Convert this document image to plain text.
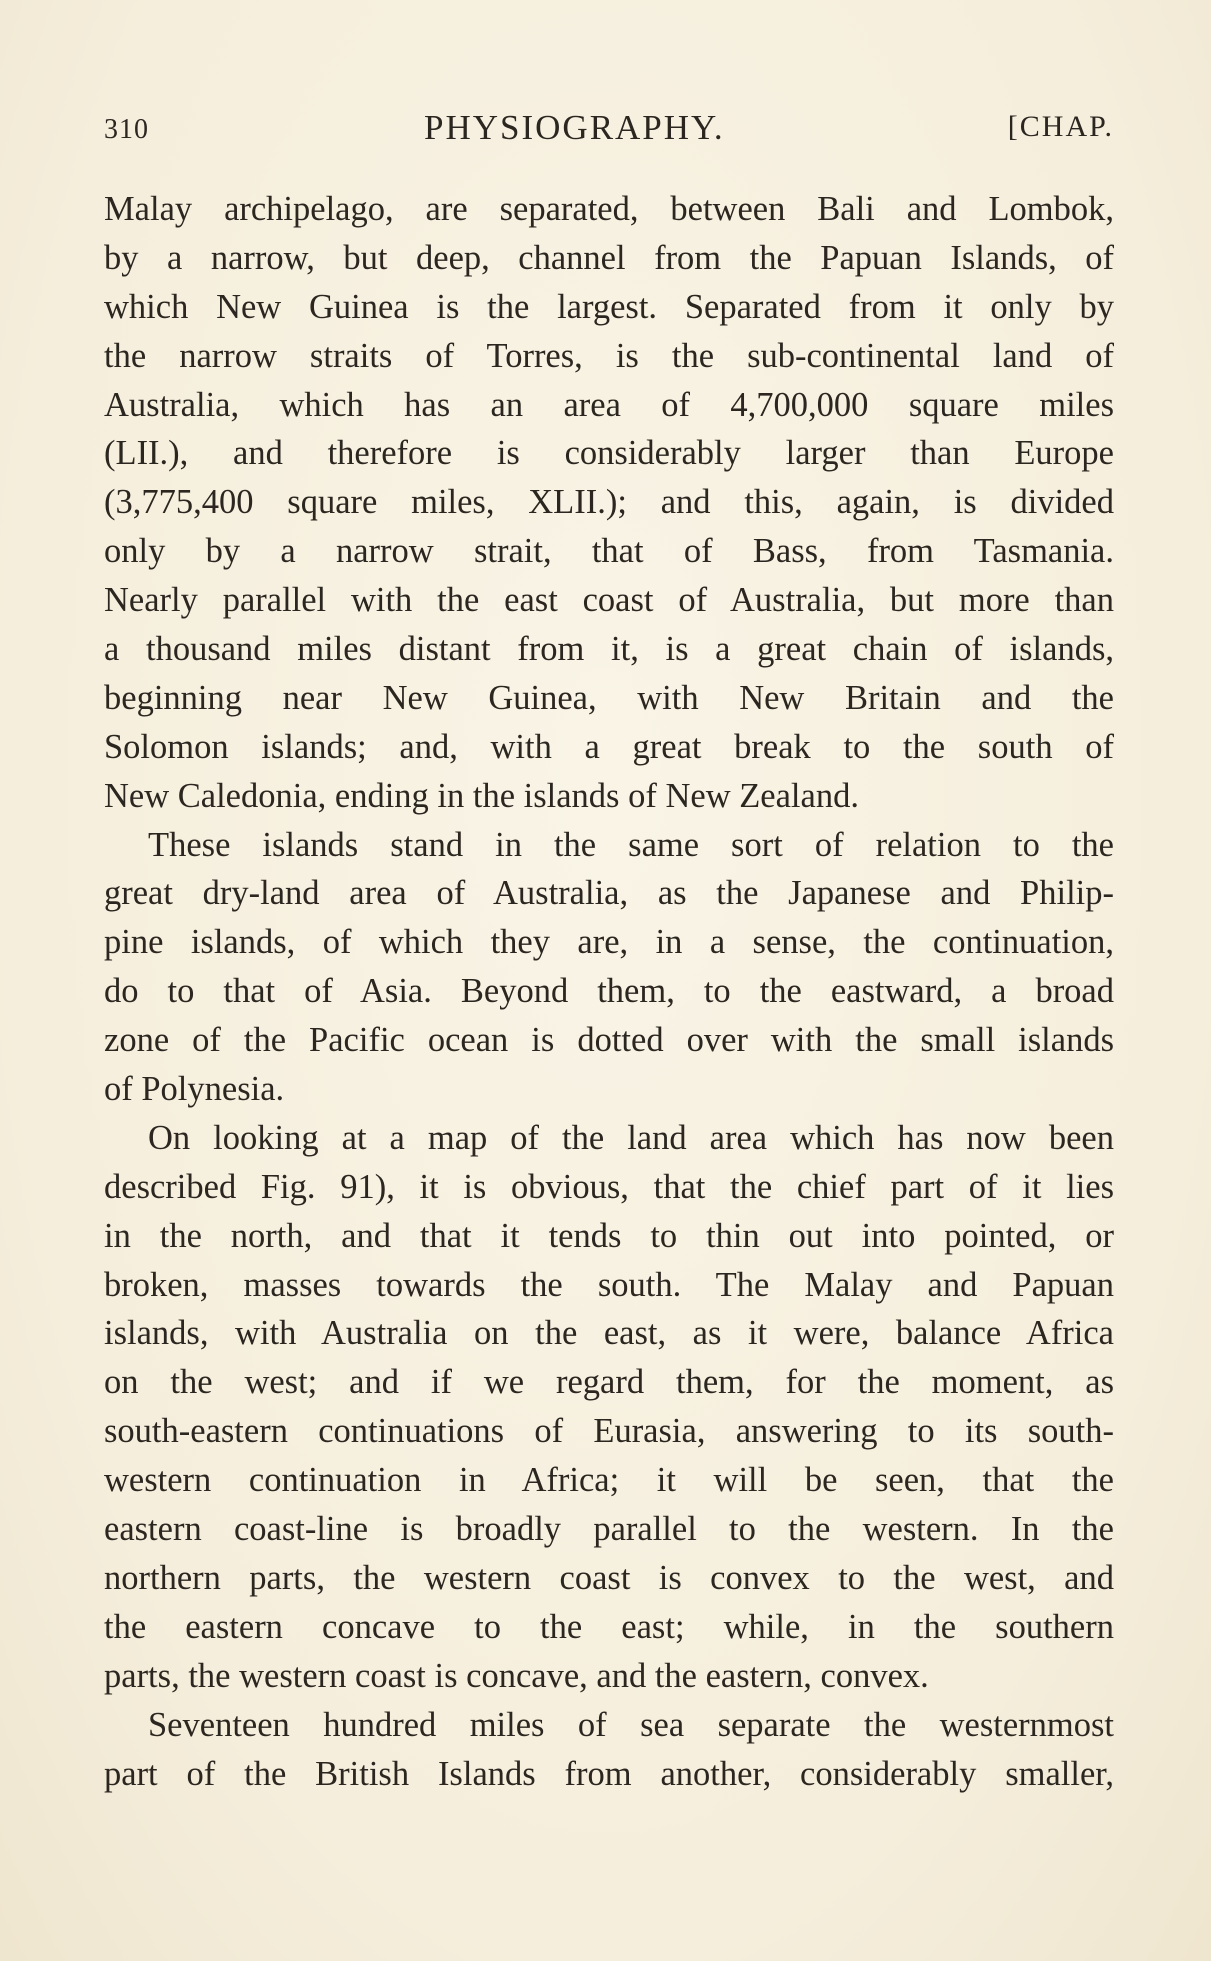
310	PHYSIOGRAPHY.	[CHAP.
Malay archipelago, are separated, between Bali and Lombok,
by a narrow, but deep, channel from the Papuan Islands, of
which New Guinea is the largest. Separated from it only by
the narrow straits of Torres, is the sub-continental land of
Australia, which has an area of 4,700,000 square miles
(LII.), and therefore is considerably larger than Europe
(3,775,400 square miles, XLII.); and this, again, is divided
only by a narrow strait, that of Bass, from Tasmania.
Nearly parallel with the east coast of Australia, but more than
a thousand miles distant from it, is a great chain of islands,
beginning near New Guinea, with New Britain and the
Solomon islands; and, with a great break to the south of
New Caledonia, ending in the islands of New Zealand.
These islands stand in the same sort of relation to the
great dry-land area of Australia, as the Japanese and Philip-
pine islands, of which they are, in a sense, the continuation,
do to that of Asia. Beyond them, to the eastward, a broad
zone of the Pacific ocean is dotted over with the small islands
of Polynesia.
On looking at a map of the land area which has now been
described Fig. 91), it is obvious, that the chief part of it lies
in the north, and that it tends to thin out into pointed, or
broken, masses towards the south. The Malay and Papuan
islands, with Australia on the east, as it were, balance Africa
on the west; and if we regard them, for the moment, as
south-eastern continuations of Eurasia, answering to its south-
western continuation in Africa; it will be seen, that the
eastern coast-line is broadly parallel to the western. In the
northern parts, the western coast is convex to the west, and
the eastern concave to the east; while, in the southern
parts, the western coast is concave, and the eastern, convex.
Seventeen hundred miles of sea separate the westernmost
part of the British Islands from another, considerably smaller,
